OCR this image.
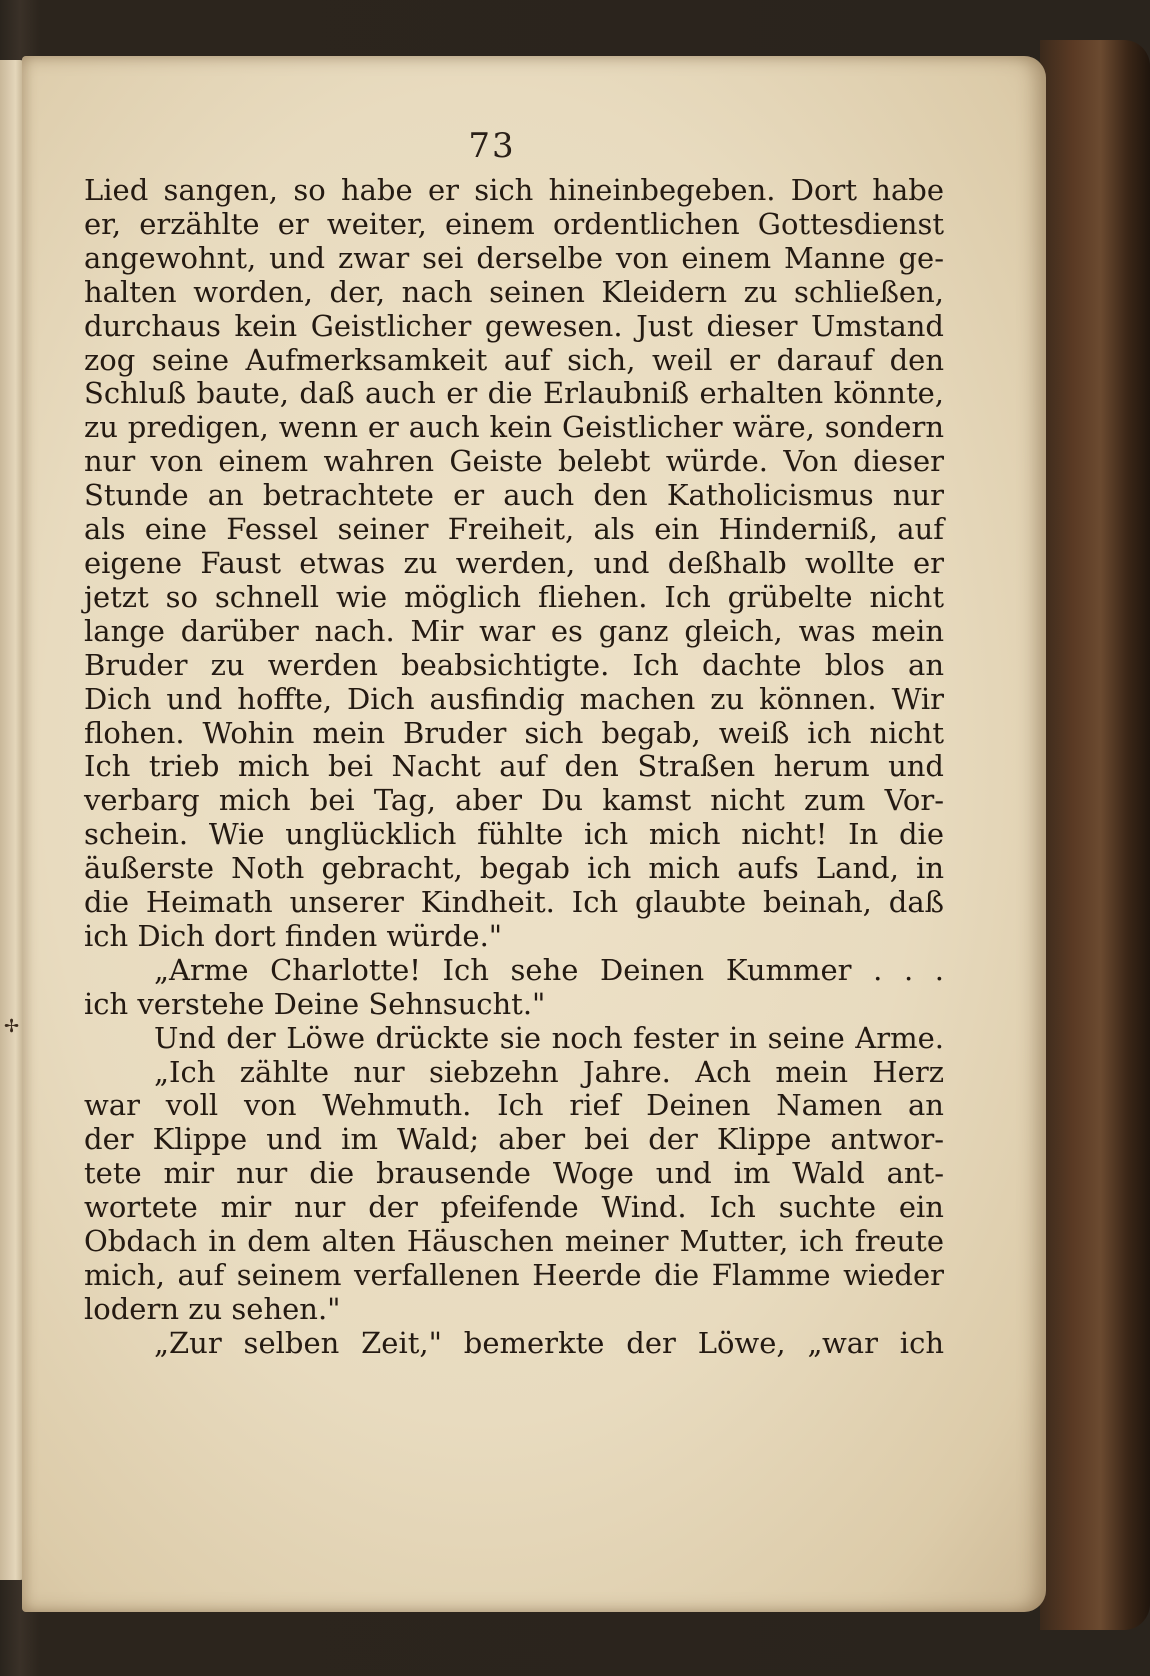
73
Lied sangen, so habe er sich hineinbegeben. Dort habe
er, erzählte er weiter, einem ordentlichen Gottesdienst
angewohnt, und zwar sei derselbe von einem Manne ge-
halten worden, der, nach seinen Kleidern zu schließen,
durchaus kein Geistlicher gewesen. Just dieser Umstand
zog seine Aufmerksamkeit auf sich, weil er darauf den
Schluß baute, daß auch er die Erlaubniß erhalten könnte,
zu predigen, wenn er auch kein Geistlicher wäre, sondern
nur von einem wahren Geiste belebt würde. Von dieser
Stunde an betrachtete er auch den Katholicismus nur
als eine Fessel seiner Freiheit, als ein Hinderniß, auf
eigene Faust etwas zu werden, und deßhalb wollte er
jetzt so schnell wie möglich fliehen. Ich grübelte nicht
lange darüber nach. Mir war es ganz gleich, was mein
Bruder zu werden beabsichtigte. Ich dachte blos an
Dich und hoffte, Dich ausfindig machen zu können. Wir
flohen. Wohin mein Bruder sich begab, weiß ich nicht
Ich trieb mich bei Nacht auf den Straßen herum und
verbarg mich bei Tag, aber Du kamst nicht zum Vor-
schein. Wie unglücklich fühlte ich mich nicht! In die
äußerste Noth gebracht, begab ich mich aufs Land, in
die Heimath unserer Kindheit. Ich glaubte beinah, daß
ich Dich dort finden würde."
„Arme Charlotte! Ich sehe Deinen Kummer . . .
ich verstehe Deine Sehnsucht."
Und der Löwe drückte sie noch fester in seine Arme.
„Ich zählte nur siebzehn Jahre. Ach mein Herz
war voll von Wehmuth. Ich rief Deinen Namen an
der Klippe und im Wald; aber bei der Klippe antwor-
tete mir nur die brausende Woge und im Wald ant-
wortete mir nur der pfeifende Wind. Ich suchte ein
Obdach in dem alten Häuschen meiner Mutter, ich freute
mich, auf seinem verfallenen Heerde die Flamme wieder
lodern zu sehen."
„Zur selben Zeit," bemerkte der Löwe, „war ich
✢
